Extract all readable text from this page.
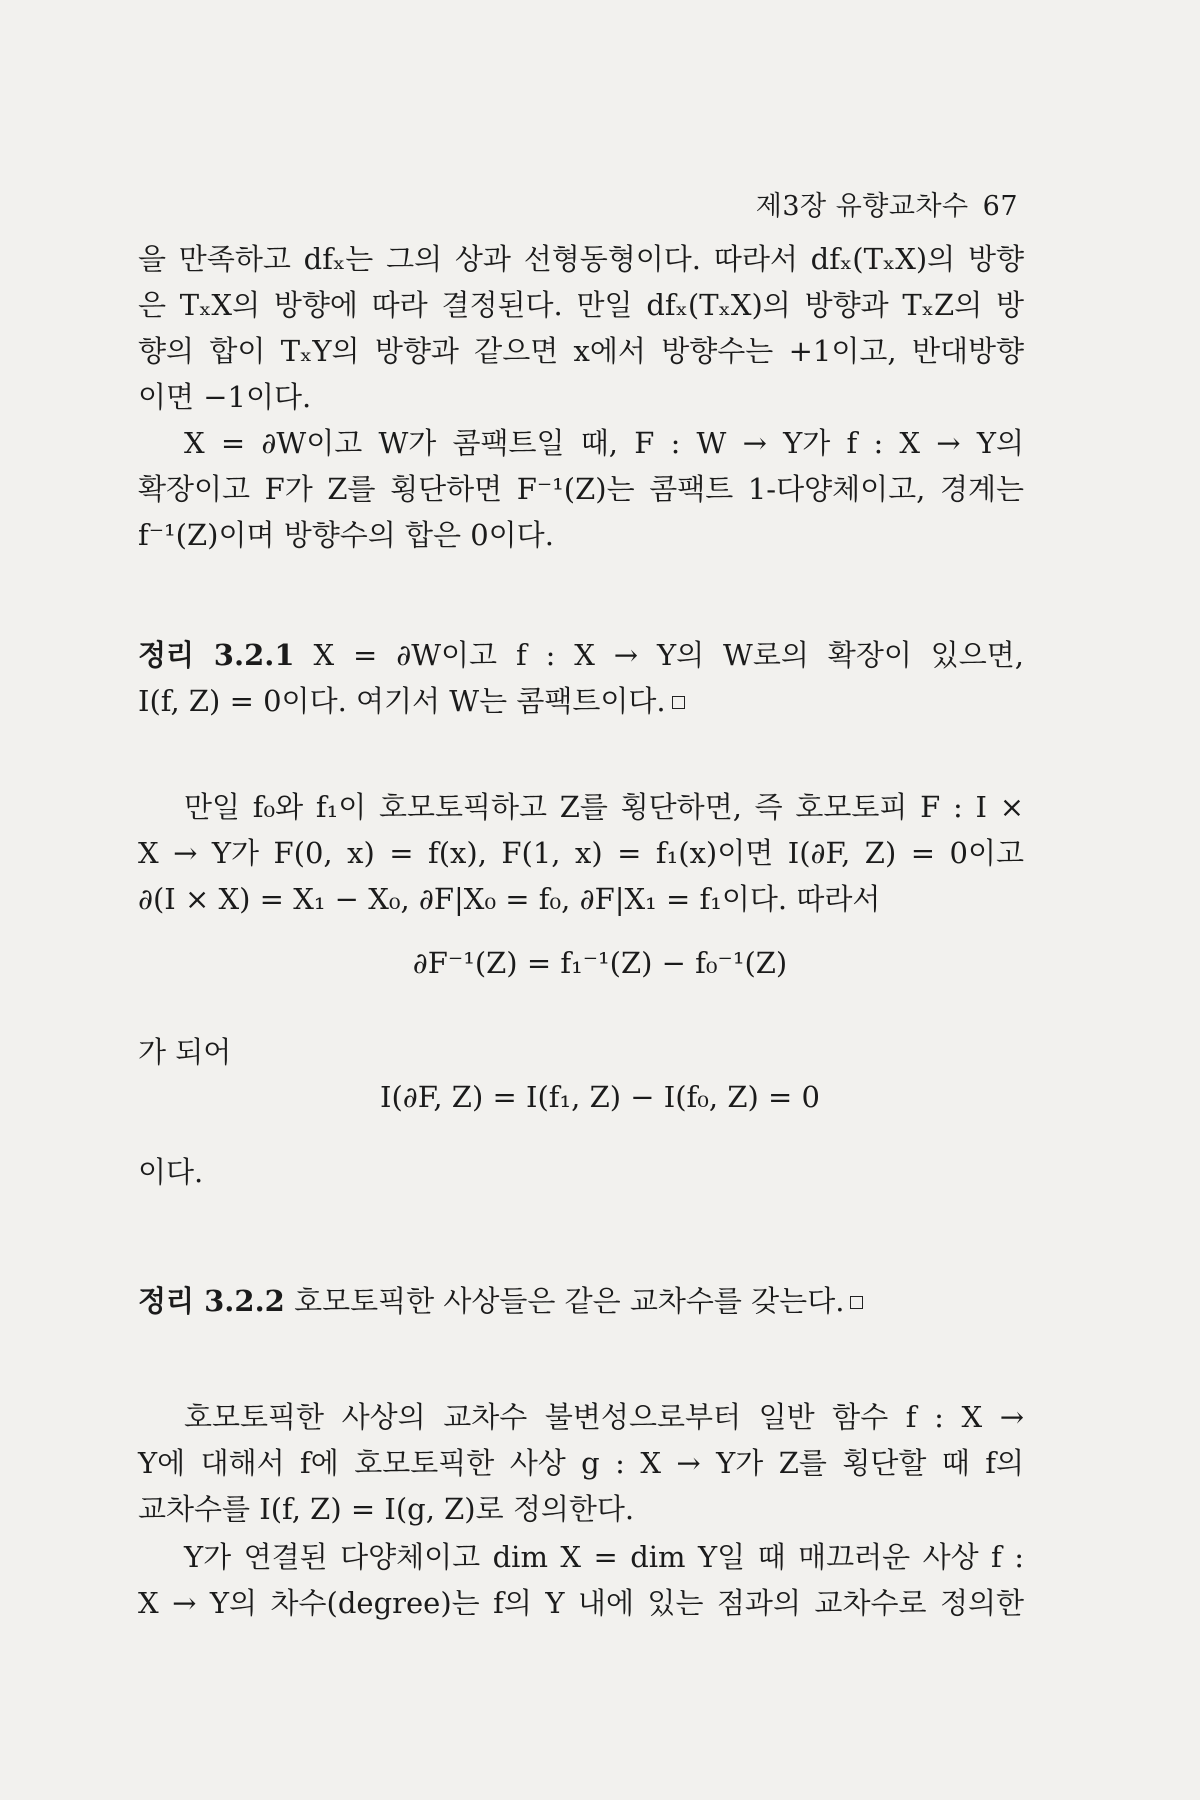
제3장 유향교차수 67
을 만족하고 dfₓ는 그의 상과 선형동형이다. 따라서 dfₓ(TₓX)의 방향
은 TₓX의 방향에 따라 결정된다. 만일 dfₓ(TₓX)의 방향과 TₓZ의 방
향의 합이 TₓY의 방향과 같으면 x에서 방향수는 +1이고, 반대방향
이면 −1이다.
X = ∂W이고 W가 콤팩트일 때, F : W → Y가 f : X → Y의
확장이고 F가 Z를 횡단하면 F⁻¹(Z)는 콤팩트 1-다양체이고, 경계는
f⁻¹(Z)이며 방향수의 합은 0이다.
정리 3.2.1 X = ∂W이고 f : X → Y의 W로의 확장이 있으면,
I(f, Z) = 0이다. 여기서 W는 콤팩트이다.
만일 f₀와 f₁이 호모토픽하고 Z를 횡단하면, 즉 호모토피 F : I ×
X → Y가 F(0, x) = f(x), F(1, x) = f₁(x)이면 I(∂F, Z) = 0이고
∂(I × X) = X₁ − X₀, ∂F|X₀ = f₀, ∂F|X₁ = f₁이다. 따라서
∂F⁻¹(Z) = f₁⁻¹(Z) − f₀⁻¹(Z)
가 되어
I(∂F, Z) = I(f₁, Z) − I(f₀, Z) = 0
이다.
정리 3.2.2 호모토픽한 사상들은 같은 교차수를 갖는다.
호모토픽한 사상의 교차수 불변성으로부터 일반 함수 f : X →
Y에 대해서 f에 호모토픽한 사상 g : X → Y가 Z를 횡단할 때 f의
교차수를 I(f, Z) = I(g, Z)로 정의한다.
Y가 연결된 다양체이고 dim X = dim Y일 때 매끄러운 사상 f :
X → Y의 차수(degree)는 f의 Y 내에 있는 점과의 교차수로 정의한
